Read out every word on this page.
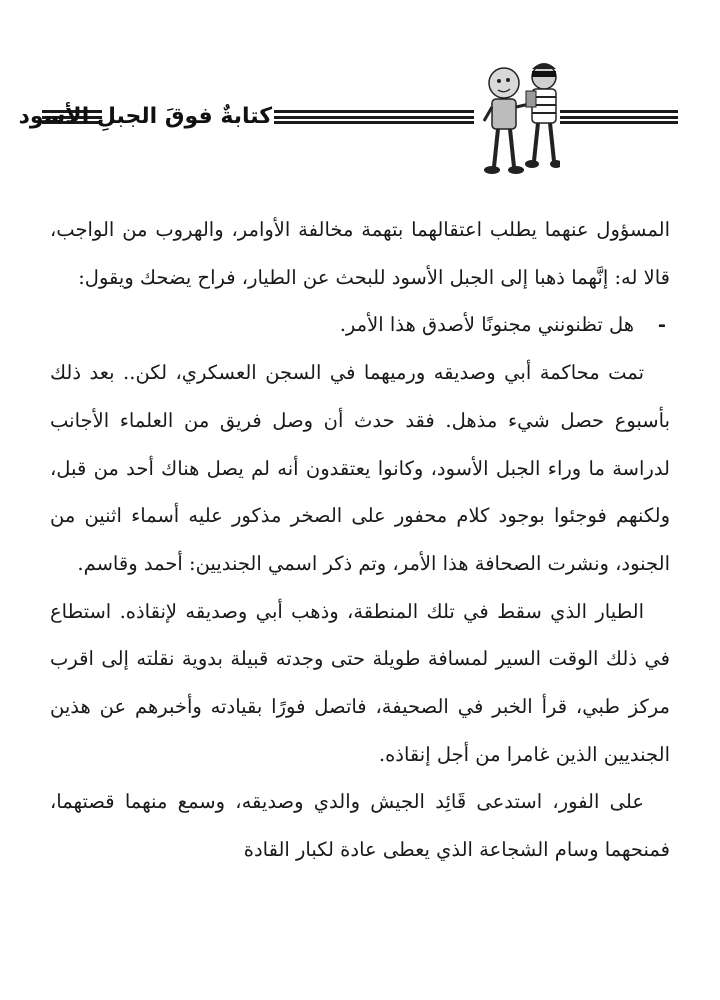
كتابةٌ فوقَ الجبلِ الأسود

المسؤول عنهما يطلب اعتقالهما بتهمة مخالفة الأوامر، والهروب من الواجب، قالا له: إنَّهما ذهبا إلى الجبل الأسود للبحث عن الطيار، فراح يضحك ويقول:

- هل تظنونني مجنونًا لأصدق هذا الأمر.

تمت محاكمة أبي وصديقه ورميهما في السجن العسكري، لكن.. بعد ذلك بأسبوع حصل شيء مذهل. فقد حدث أن وصل فريق من العلماء الأجانب لدراسة ما وراء الجبل الأسود، وكانوا يعتقدون أنه لم يصل هناك أحد من قبل، ولكنهم فوجئوا بوجود كلام محفور على الصخر مذكور عليه أسماء اثنين من الجنود، ونشرت الصحافة هذا الأمر، وتم ذكر اسمي الجنديين: أحمد وقاسم.

الطيار الذي سقط في تلك المنطقة، وذهب أبي وصديقه لإنقاذه. استطاع في ذلك الوقت السير لمسافة طويلة حتى وجدته قبيلة بدوية نقلته إلى اقرب مركز طبي، قرأ الخبر في الصحيفة، فاتصل فورًا بقيادته وأخبرهم عن هذين الجنديين الذين غامرا من أجل إنقاذه.

على الفور، استدعى قَائِد الجيش والدي وصديقه، وسمع منهما قصتهما، فمنحهما وسام الشجاعة الذي يعطى عادة لكبار القادة
